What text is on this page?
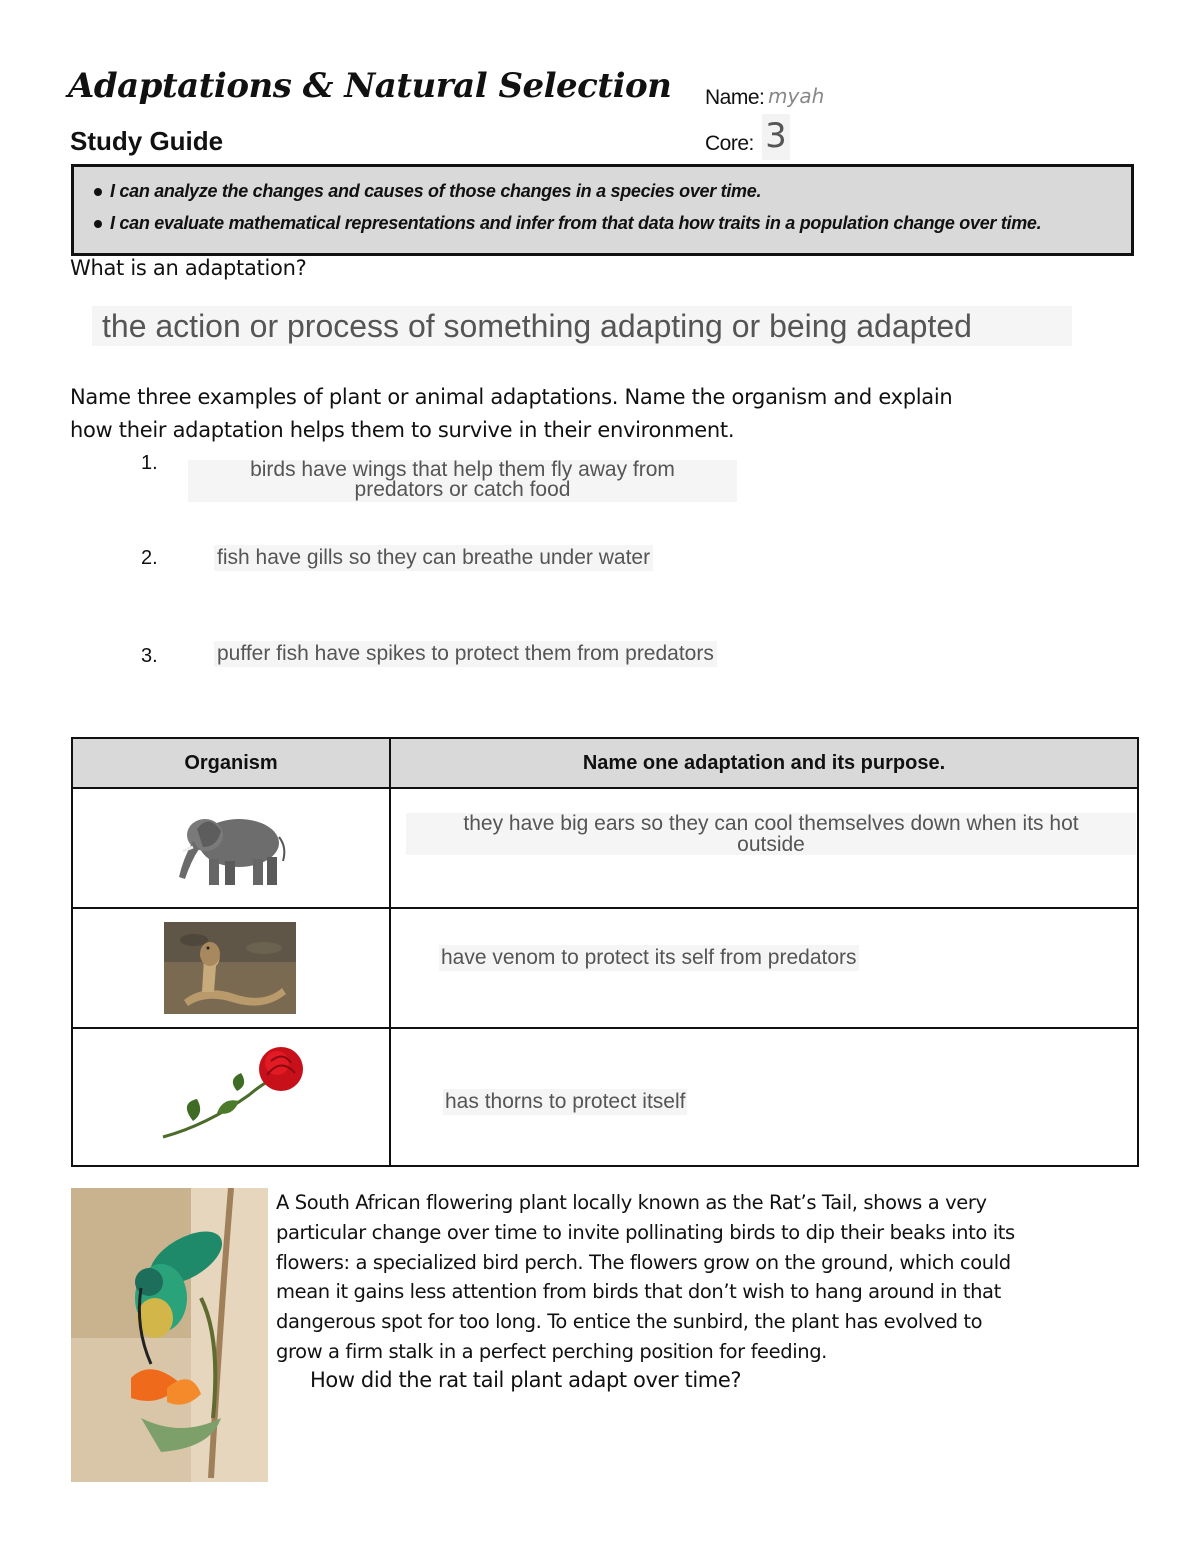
Adaptations & Natural Selection
Study Guide
Name: myah
Core: 3
I can analyze the changes and causes of those changes in a species over time.
I can evaluate mathematical representations and infer from that data how traits in a population change over time.
What is an adaptation?
the action or process of something adapting or being adapted
Name three examples of plant or animal adaptations. Name the organism and explain
how their adaptation helps them to survive in their environment.
1.	birds have wings that help them fly away from
predators or catch food
2.	fish have gills so they can breathe under water
3.	puffer fish have spikes to protect them from predators
Organism	Name one adaptation and its purpose.

they have big ears so they can cool themselves down when its hot
outside

have venom to protect its self from predators

has thorns to protect itself
A South African flowering plant locally known as the Rat’s Tail, shows a very
particular change over time to invite pollinating birds to dip their beaks into its
flowers: a specialized bird perch. The flowers grow on the ground, which could
mean it gains less attention from birds that don’t wish to hang around in that
dangerous spot for too long. To entice the sunbird, the plant has evolved to
grow a firm stalk in a perfect perching position for feeding.
How did the rat tail plant adapt over time?
